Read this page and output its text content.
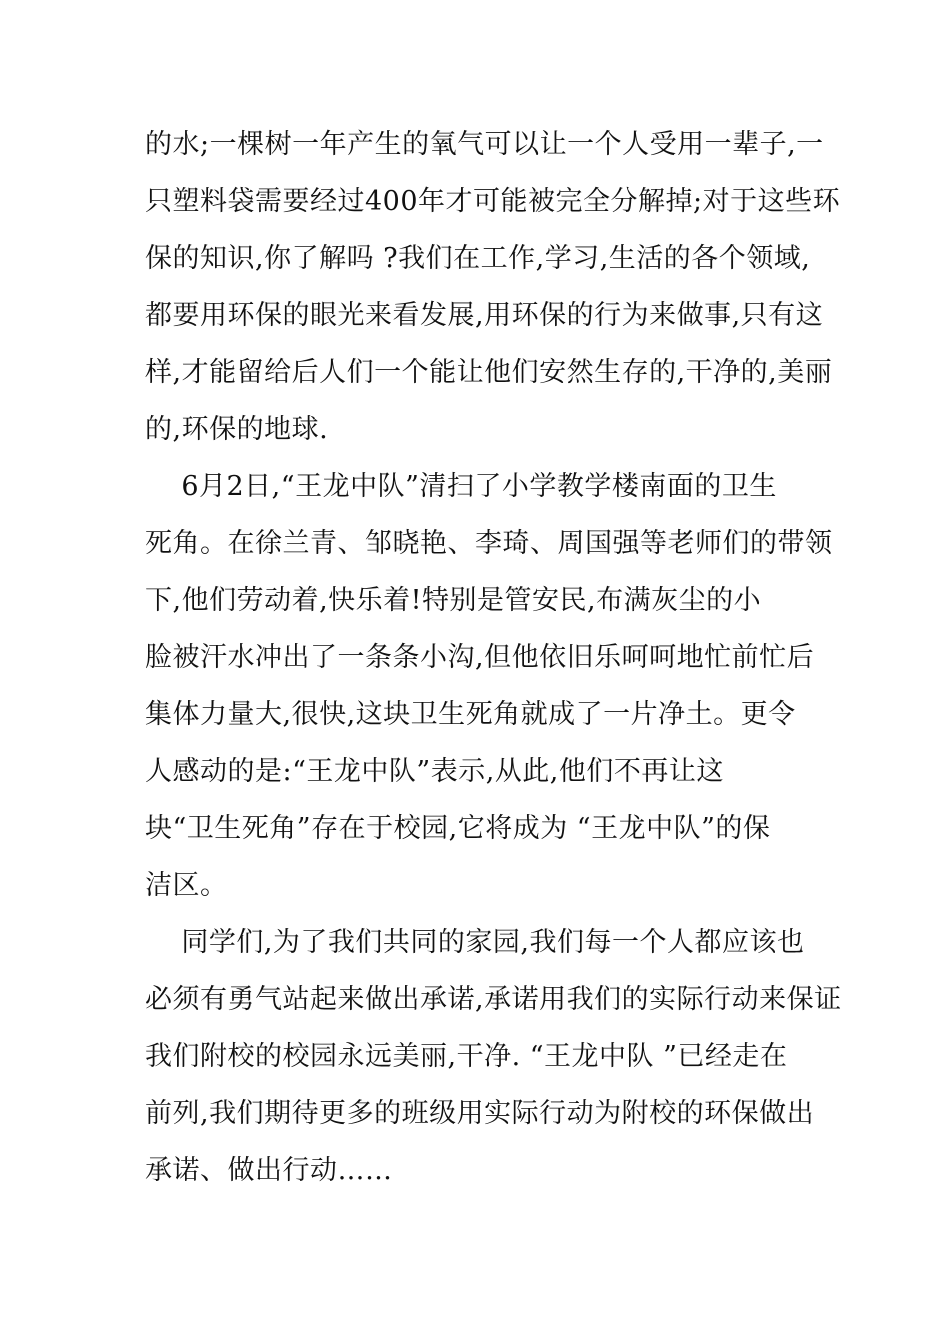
的水;一棵树一年产生的氧气可以让一个人受用一辈子,一
只塑料袋需要经过400年才可能被完全分解掉;对于这些环
保的知识,你了解吗 ?我们在工作,学习,生活的各个领域,
都要用环保的眼光来看发展,用环保的行为来做事,只有这
样,才能留给后人们一个能让他们安然生存的,干净的,美丽
的,环保的地球.
6月2日,“王龙中队”清扫了小学教学楼南面的卫生
死角。在徐兰青、邹晓艳、李琦、周国强等老师们的带领
下,他们劳动着,快乐着!特别是管安民,布满灰尘的小
脸被汗水冲出了一条条小沟,但他依旧乐呵呵地忙前忙后
集体力量大,很快,这块卫生死角就成了一片净土。更令
人感动的是:“王龙中队”表示,从此,他们不再让这
块“卫生死角”存在于校园,它将成为 “王龙中队”的保
洁区。
同学们,为了我们共同的家园,我们每一个人都应该也
必须有勇气站起来做出承诺,承诺用我们的实际行动来保证
我们附校的校园永远美丽,干净. “王龙中队 ”已经走在
前列,我们期待更多的班级用实际行动为附校的环保做出
承诺、做出行动……
